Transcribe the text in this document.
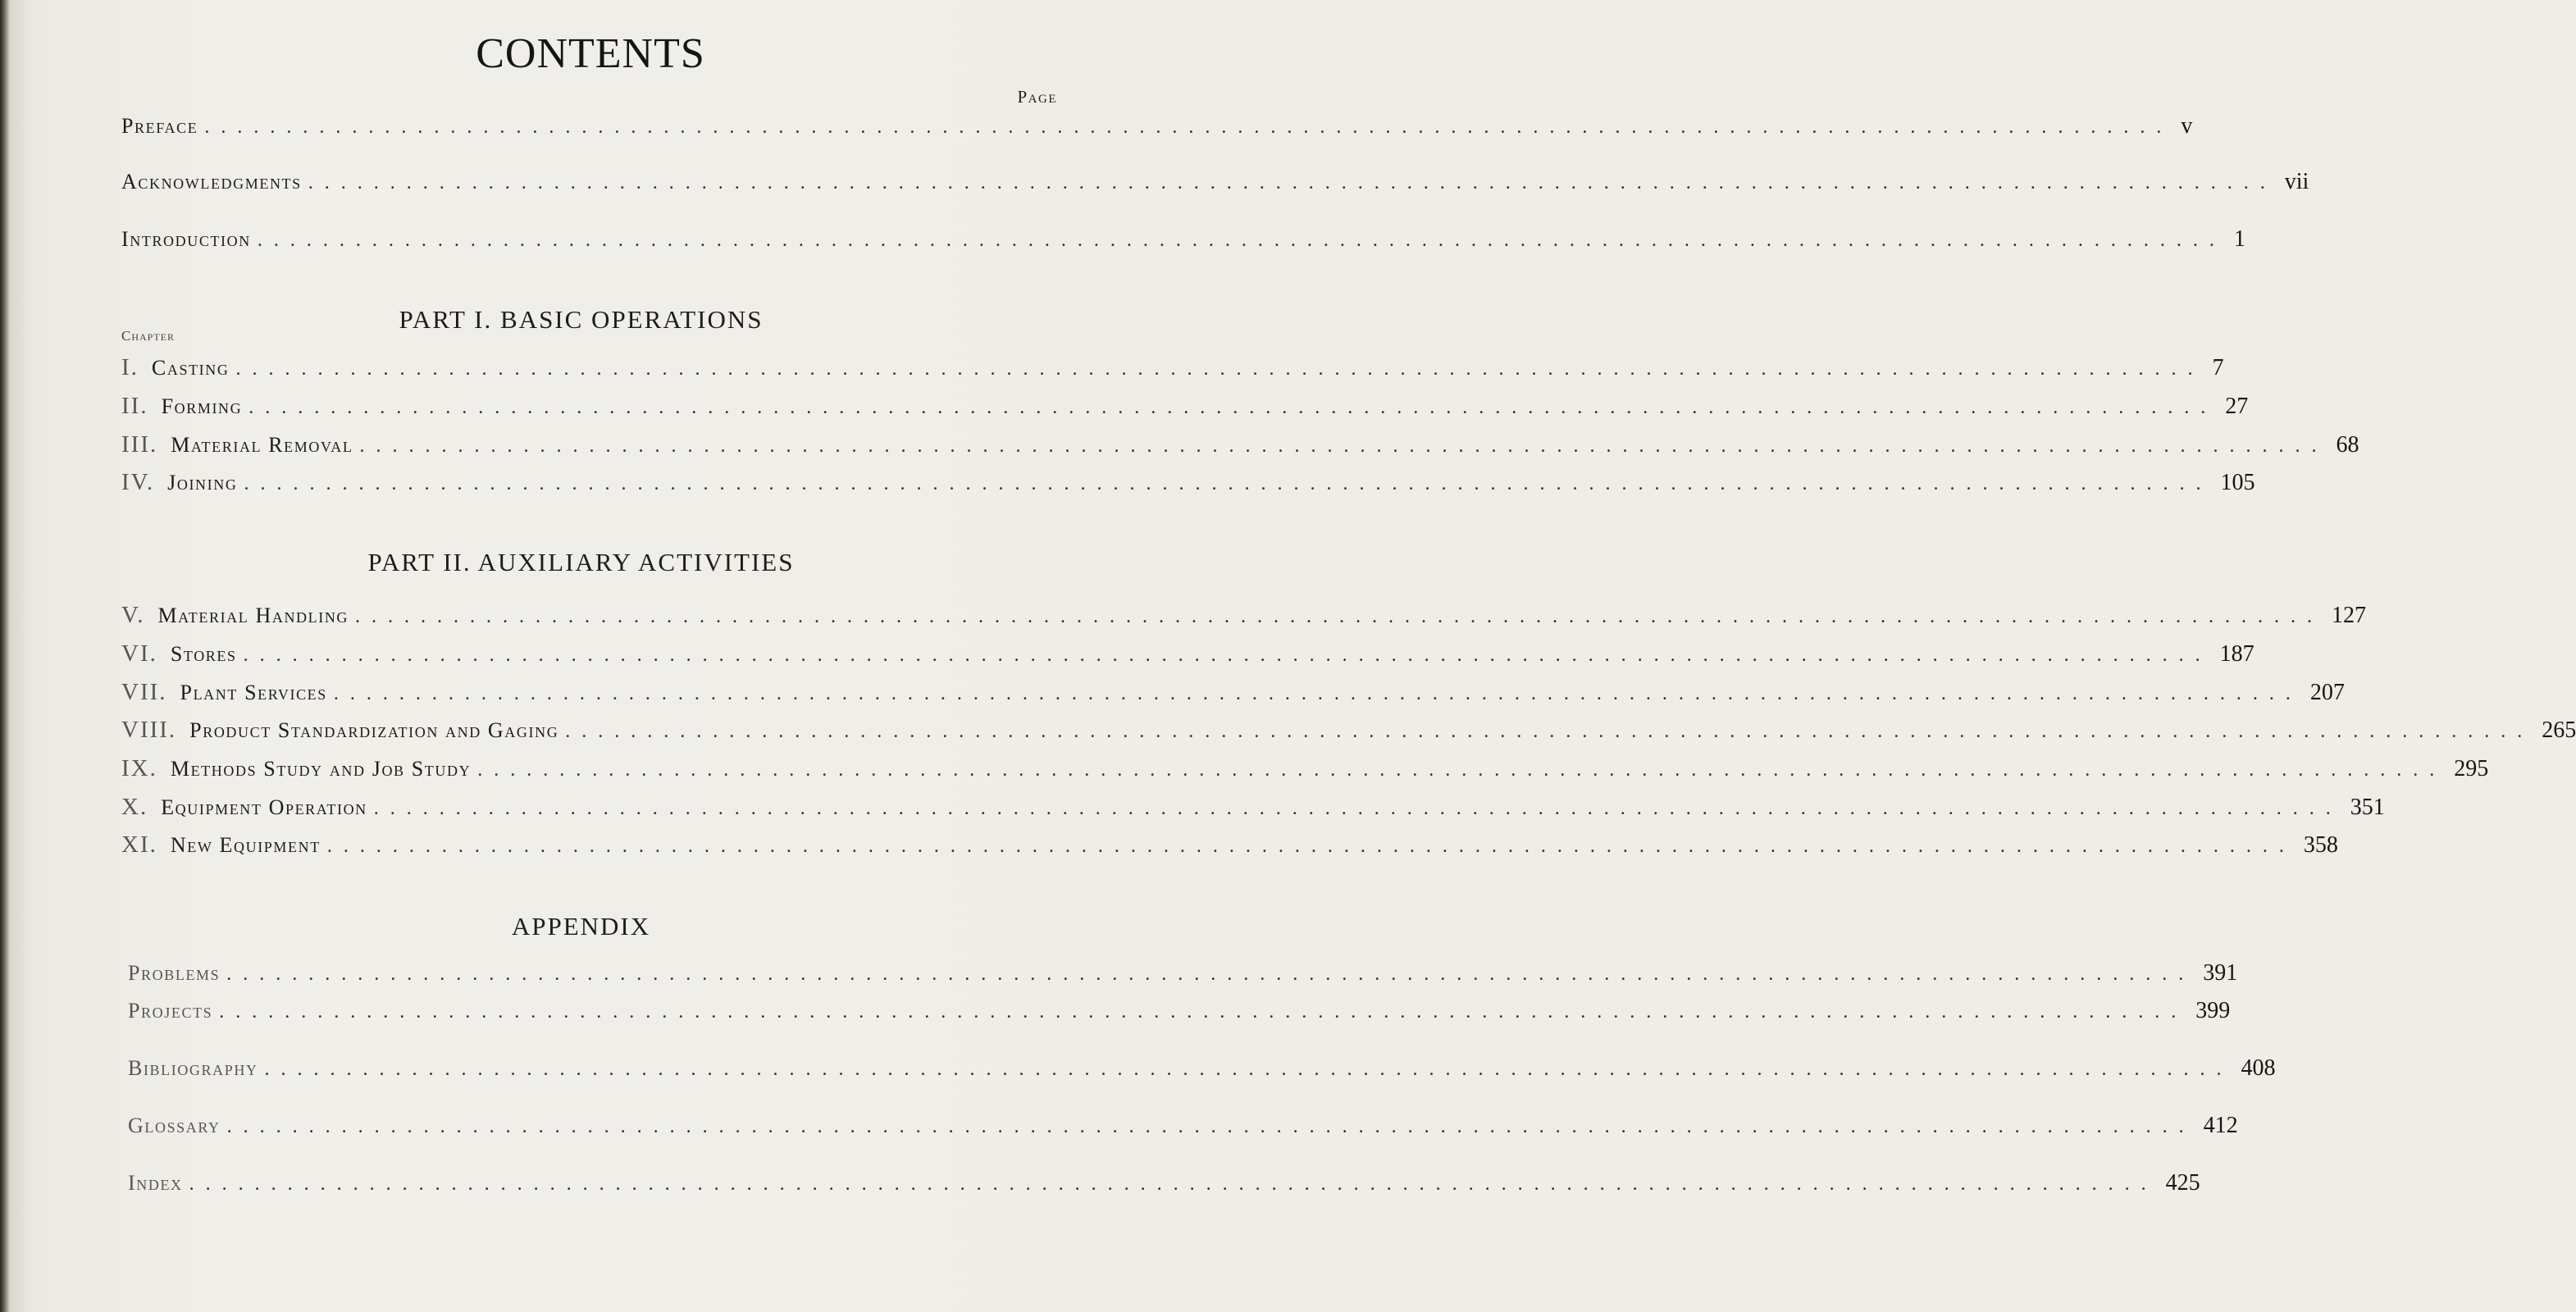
CONTENTS
Page
Preface ........................................................................................................................ v
Acknowledgments ........................................................................................................................ vii
Introduction ........................................................................................................................ 1
Chapter
PART I. BASIC OPERATIONS
I. Casting ........................................................................................................................ 7
II. Forming ........................................................................................................................ 27
III. Material Removal ........................................................................................................................ 68
IV. Joining ........................................................................................................................ 105
PART II. AUXILIARY ACTIVITIES
V. Material Handling ........................................................................................................................ 127
VI. Stores ........................................................................................................................ 187
VII. Plant Services ........................................................................................................................ 207
VIII. Product Standardization and Gaging ........................................................................................................................ 265
IX. Methods Study and Job Study ........................................................................................................................ 295
X. Equipment Operation ........................................................................................................................ 351
XI. New Equipment ........................................................................................................................ 358
APPENDIX
Problems ........................................................................................................................ 391
Projects ........................................................................................................................ 399
Bibliography ........................................................................................................................ 408
Glossary ........................................................................................................................ 412
Index ........................................................................................................................ 425
